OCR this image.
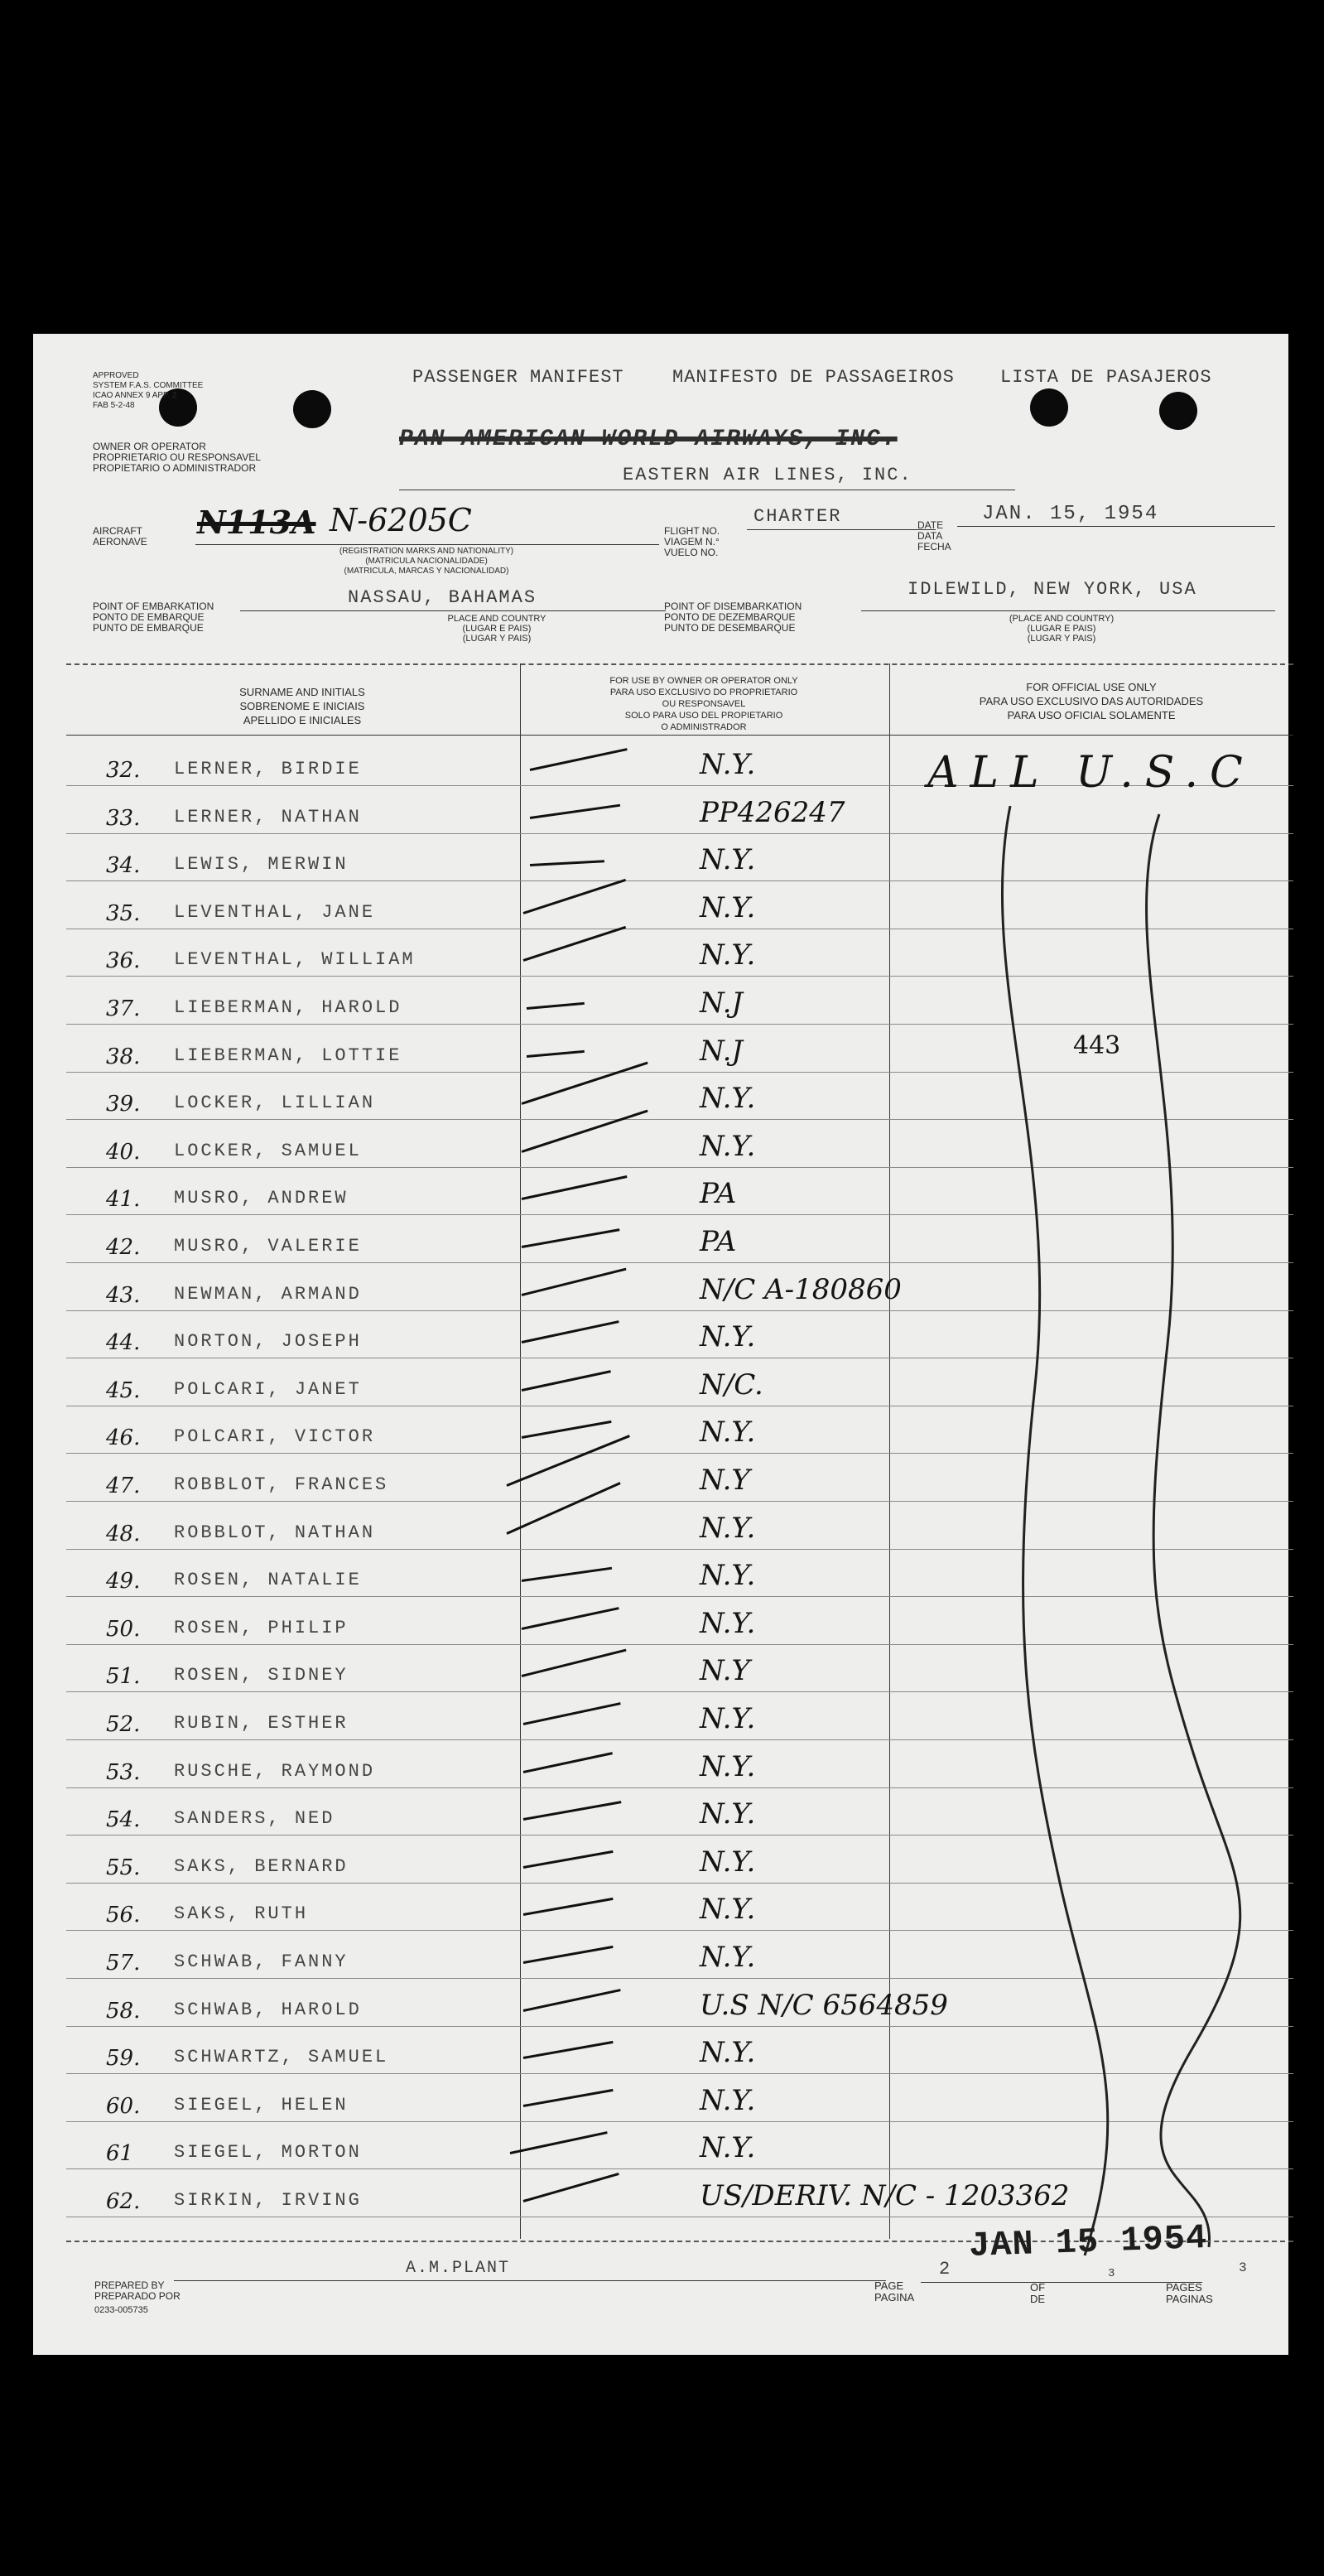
APPROVED
SYSTEM F.A.S. COMMITTEE
ICAO ANNEX 9 APP. 2
FAB 5-2-48
PASSENGER MANIFEST	MANIFESTO DE PASSAGEIROS	LISTA DE PASAJEROS
OWNER OR OPERATOR
PROPRIETARIO OU RESPONSAVEL
PROPIETARIO O ADMINISTRADOR
PAN AMERICAN WORLD AIRWAYS, INC.
EASTERN AIR LINES, INC.
AIRCRAFT
AERONAVE
N113A N-6205C
(REGISTRATION MARKS AND NATIONALITY)
(MATRICULA NACIONALIDADE)
(MATRICULA, MARCAS Y NACIONALIDAD)
FLIGHT NO.
VIAGEM N.°
VUELO NO.
CHARTER	DATE
DATA
FECHA
JAN. 15, 1954
POINT OF EMBARKATION
PONTO DE EMBARQUE
PUNTO DE EMBARQUE
NASSAU, BAHAMAS
PLACE AND COUNTRY
(LUGAR E PAIS)
(LUGAR Y PAIS)
POINT OF DISEMBARKATION
PONTO DE DEZEMBARQUE
PUNTO DE DESEMBARQUE
IDLEWILD, NEW YORK, USA
(PLACE AND COUNTRY)
(LUGAR E PAIS)
(LUGAR Y PAIS)
SURNAME AND INITIALS
SOBRENOME E INICIAIS
APELLIDO E INICIALES
FOR USE BY OWNER OR OPERATOR ONLY
PARA USO EXCLUSIVO DO PROPRIETARIO
OU RESPONSAVEL
SOLO PARA USO DEL PROPIETARIO
O ADMINISTRADOR
FOR OFFICIAL USE ONLY
PARA USO EXCLUSIVO DAS AUTORIDADES
PARA USO OFICIAL SOLAMENTE
32. LERNER, BIRDIE	N.Y.
33. LERNER, NATHAN	PP426247
34. LEWIS, MERWIN	N.Y.
35. LEVENTHAL, JANE	N.Y.
36. LEVENTHAL, WILLIAM	N.Y.
37. LIEBERMAN, HAROLD	N.J
38. LIEBERMAN, LOTTIE	N.J
39. LOCKER, LILLIAN	N.Y.
40. LOCKER, SAMUEL	N.Y.
41. MUSRO, ANDREW	PA
42. MUSRO, VALERIE	PA
43. NEWMAN, ARMAND	N/C A-180860
44. NORTON, JOSEPH	N.Y.
45. POLCARI, JANET	N/C.
46. POLCARI, VICTOR	N.Y.
47. ROBBLOT, FRANCES	N.Y
48. ROBBLOT, NATHAN	N.Y.
49. ROSEN, NATALIE	N.Y.
50. ROSEN, PHILIP	N.Y.
51. ROSEN, SIDNEY	N.Y
52. RUBIN, ESTHER	N.Y.
53. RUSCHE, RAYMOND	N.Y.
54. SANDERS, NED	N.Y.
55. SAKS, BERNARD	N.Y.
56. SAKS, RUTH	N.Y.
57. SCHWAB, FANNY	N.Y.
58. SCHWAB, HAROLD	U.S N/C 6564859
59. SCHWARTZ, SAMUEL	N.Y.
60. SIEGEL, HELEN	N.Y.
61 SIEGEL, MORTON	N.Y.
62. SIRKIN, IRVING	US/DERIV. N/C - 1203362
ALL U.S.C
443
PREPARED BY
PREPARADO POR
A.M.PLANT
0233-005735
PAGE
PAGINA
2
OF
DE
3
PAGES
PAGINAS
3
JAN 15 1954
